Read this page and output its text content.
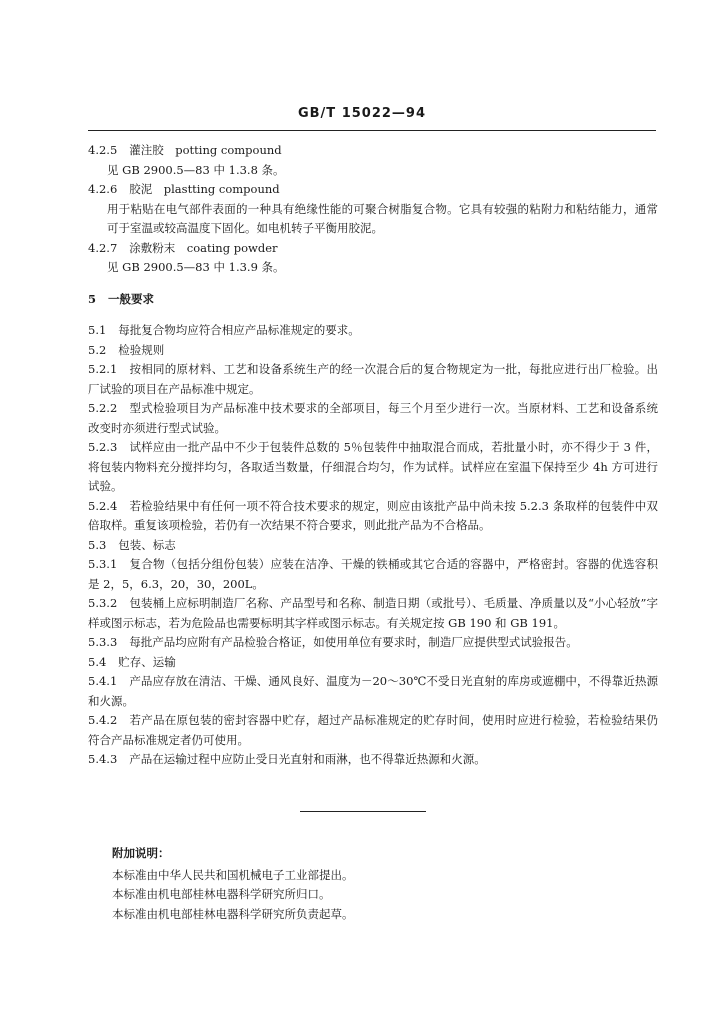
GB/T 15022—94
4.2.5 灌注胶　potting compound
见 GB 2900.5—83 中 1.3.8 条。
4.2.6 胶泥　plastting compound
用于粘贴在电气部件表面的一种具有绝缘性能的可聚合树脂复合物。它具有较强的粘附力和粘结能力，通常可于室温或较高温度下固化。如电机转子平衡用胶泥。
4.2.7 涂敷粉末　coating powder
见 GB 2900.5—83 中 1.3.9 条。
5 一般要求
5.1 每批复合物均应符合相应产品标准规定的要求。
5.2 检验规则
5.2.1 按相同的原材料、工艺和设备系统生产的经一次混合后的复合物规定为一批，每批应进行出厂检验。出厂试验的项目在产品标准中规定。
5.2.2 型式检验项目为产品标准中技术要求的全部项目，每三个月至少进行一次。当原材料、工艺和设备系统改变时亦须进行型式试验。
5.2.3 试样应由一批产品中不少于包装件总数的 5％包装件中抽取混合而成，若批量小时，亦不得少于 3 件，将包装内物料充分搅拌均匀，各取适当数量，仔细混合均匀，作为试样。试样应在室温下保持至少 4h 方可进行试验。
5.2.4 若检验结果中有任何一项不符合技术要求的规定，则应由该批产品中尚未按 5.2.3 条取样的包装件中双倍取样。重复该项检验，若仍有一次结果不符合要求，则此批产品为不合格品。
5.3 包装、标志
5.3.1 复合物（包括分组份包装）应装在洁净、干燥的铁桶或其它合适的容器中，严格密封。容器的优选容积是 2，5，6.3，20，30，200L。
5.3.2 包装桶上应标明制造厂名称、产品型号和名称、制造日期（或批号）、毛质量、净质量以及“小心轻放”字样或图示标志，若为危险品也需要标明其字样或图示标志。有关规定按 GB 190 和 GB 191。
5.3.3 每批产品均应附有产品检验合格证，如使用单位有要求时，制造厂应提供型式试验报告。
5.4 贮存、运输
5.4.1 产品应存放在清洁、干燥、通风良好、温度为－20～30℃不受日光直射的库房或遮棚中，不得靠近热源和火源。
5.4.2 若产品在原包装的密封容器中贮存，超过产品标准规定的贮存时间，使用时应进行检验，若检验结果仍符合产品标准规定者仍可使用。
5.4.3 产品在运输过程中应防止受日光直射和雨淋，也不得靠近热源和火源。
附加说明：
本标准由中华人民共和国机械电子工业部提出。
本标准由机电部桂林电器科学研究所归口。
本标准由机电部桂林电器科学研究所负责起草。
